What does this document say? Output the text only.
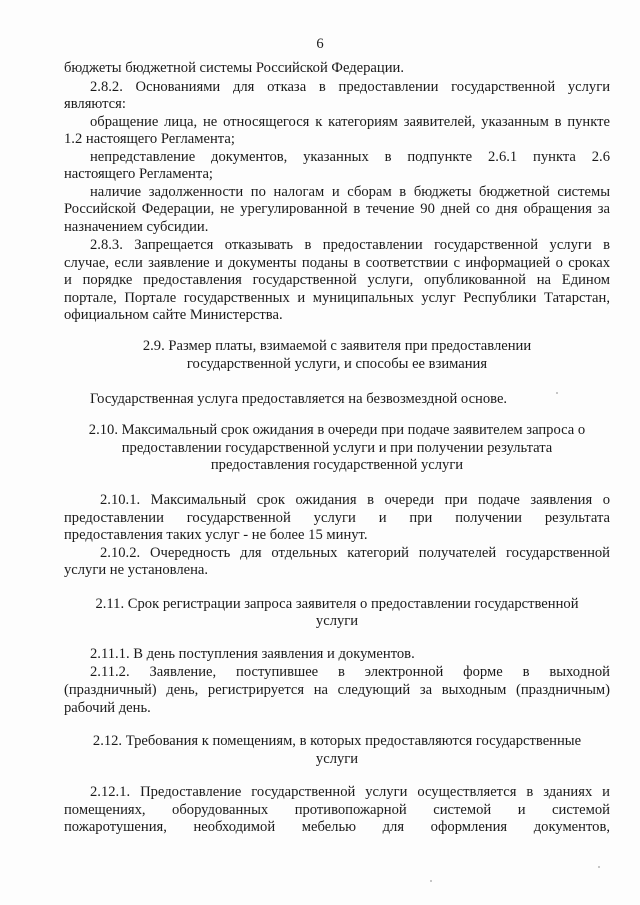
6
бюджеты бюджетной системы Российской Федерации.
2.8.2. Основаниями для отказа в предоставлении государственной услуги
являются:
обращение лица, не относящегося к категориям заявителей, указанным в пункте
1.2 настоящего Регламента;
непредставление документов, указанных в подпункте 2.6.1 пункта 2.6
настоящего Регламента;
наличие задолженности по налогам и сборам в бюджеты бюджетной системы
Российской Федерации, не урегулированной в течение 90 дней со дня обращения за
назначением субсидии.
2.8.3. Запрещается отказывать в предоставлении государственной услуги в
случае, если заявление и документы поданы в соответствии с информацией о сроках
и порядке предоставления государственной услуги, опубликованной на Едином
портале, Портале государственных и муниципальных услуг Республики Татарстан,
официальном сайте Министерства.
2.9. Размер платы, взимаемой с заявителя при предоставлении
государственной услуги, и способы ее взимания
Государственная услуга предоставляется на безвозмездной основе.
2.10. Максимальный срок ожидания в очереди при подаче заявителем запроса о
предоставлении государственной услуги и при получении результата
предоставления государственной услуги
2.10.1. Максимальный срок ожидания в очереди при подаче заявления о
предоставлении государственной услуги и при получении результата
предоставления таких услуг - не более 15 минут.
2.10.2. Очередность для отдельных категорий получателей государственной
услуги не установлена.
2.11. Срок регистрации запроса заявителя о предоставлении государственной
услуги
2.11.1. В день поступления заявления и документов.
2.11.2. Заявление, поступившее в электронной форме в выходной
(праздничный) день, регистрируется на следующий за выходным (праздничным)
рабочий день.
2.12. Требования к помещениям, в которых предоставляются государственные
услуги
2.12.1. Предоставление государственной услуги осуществляется в зданиях и
помещениях, оборудованных противопожарной системой и системой
пожаротушения, необходимой мебелью для оформления документов,
